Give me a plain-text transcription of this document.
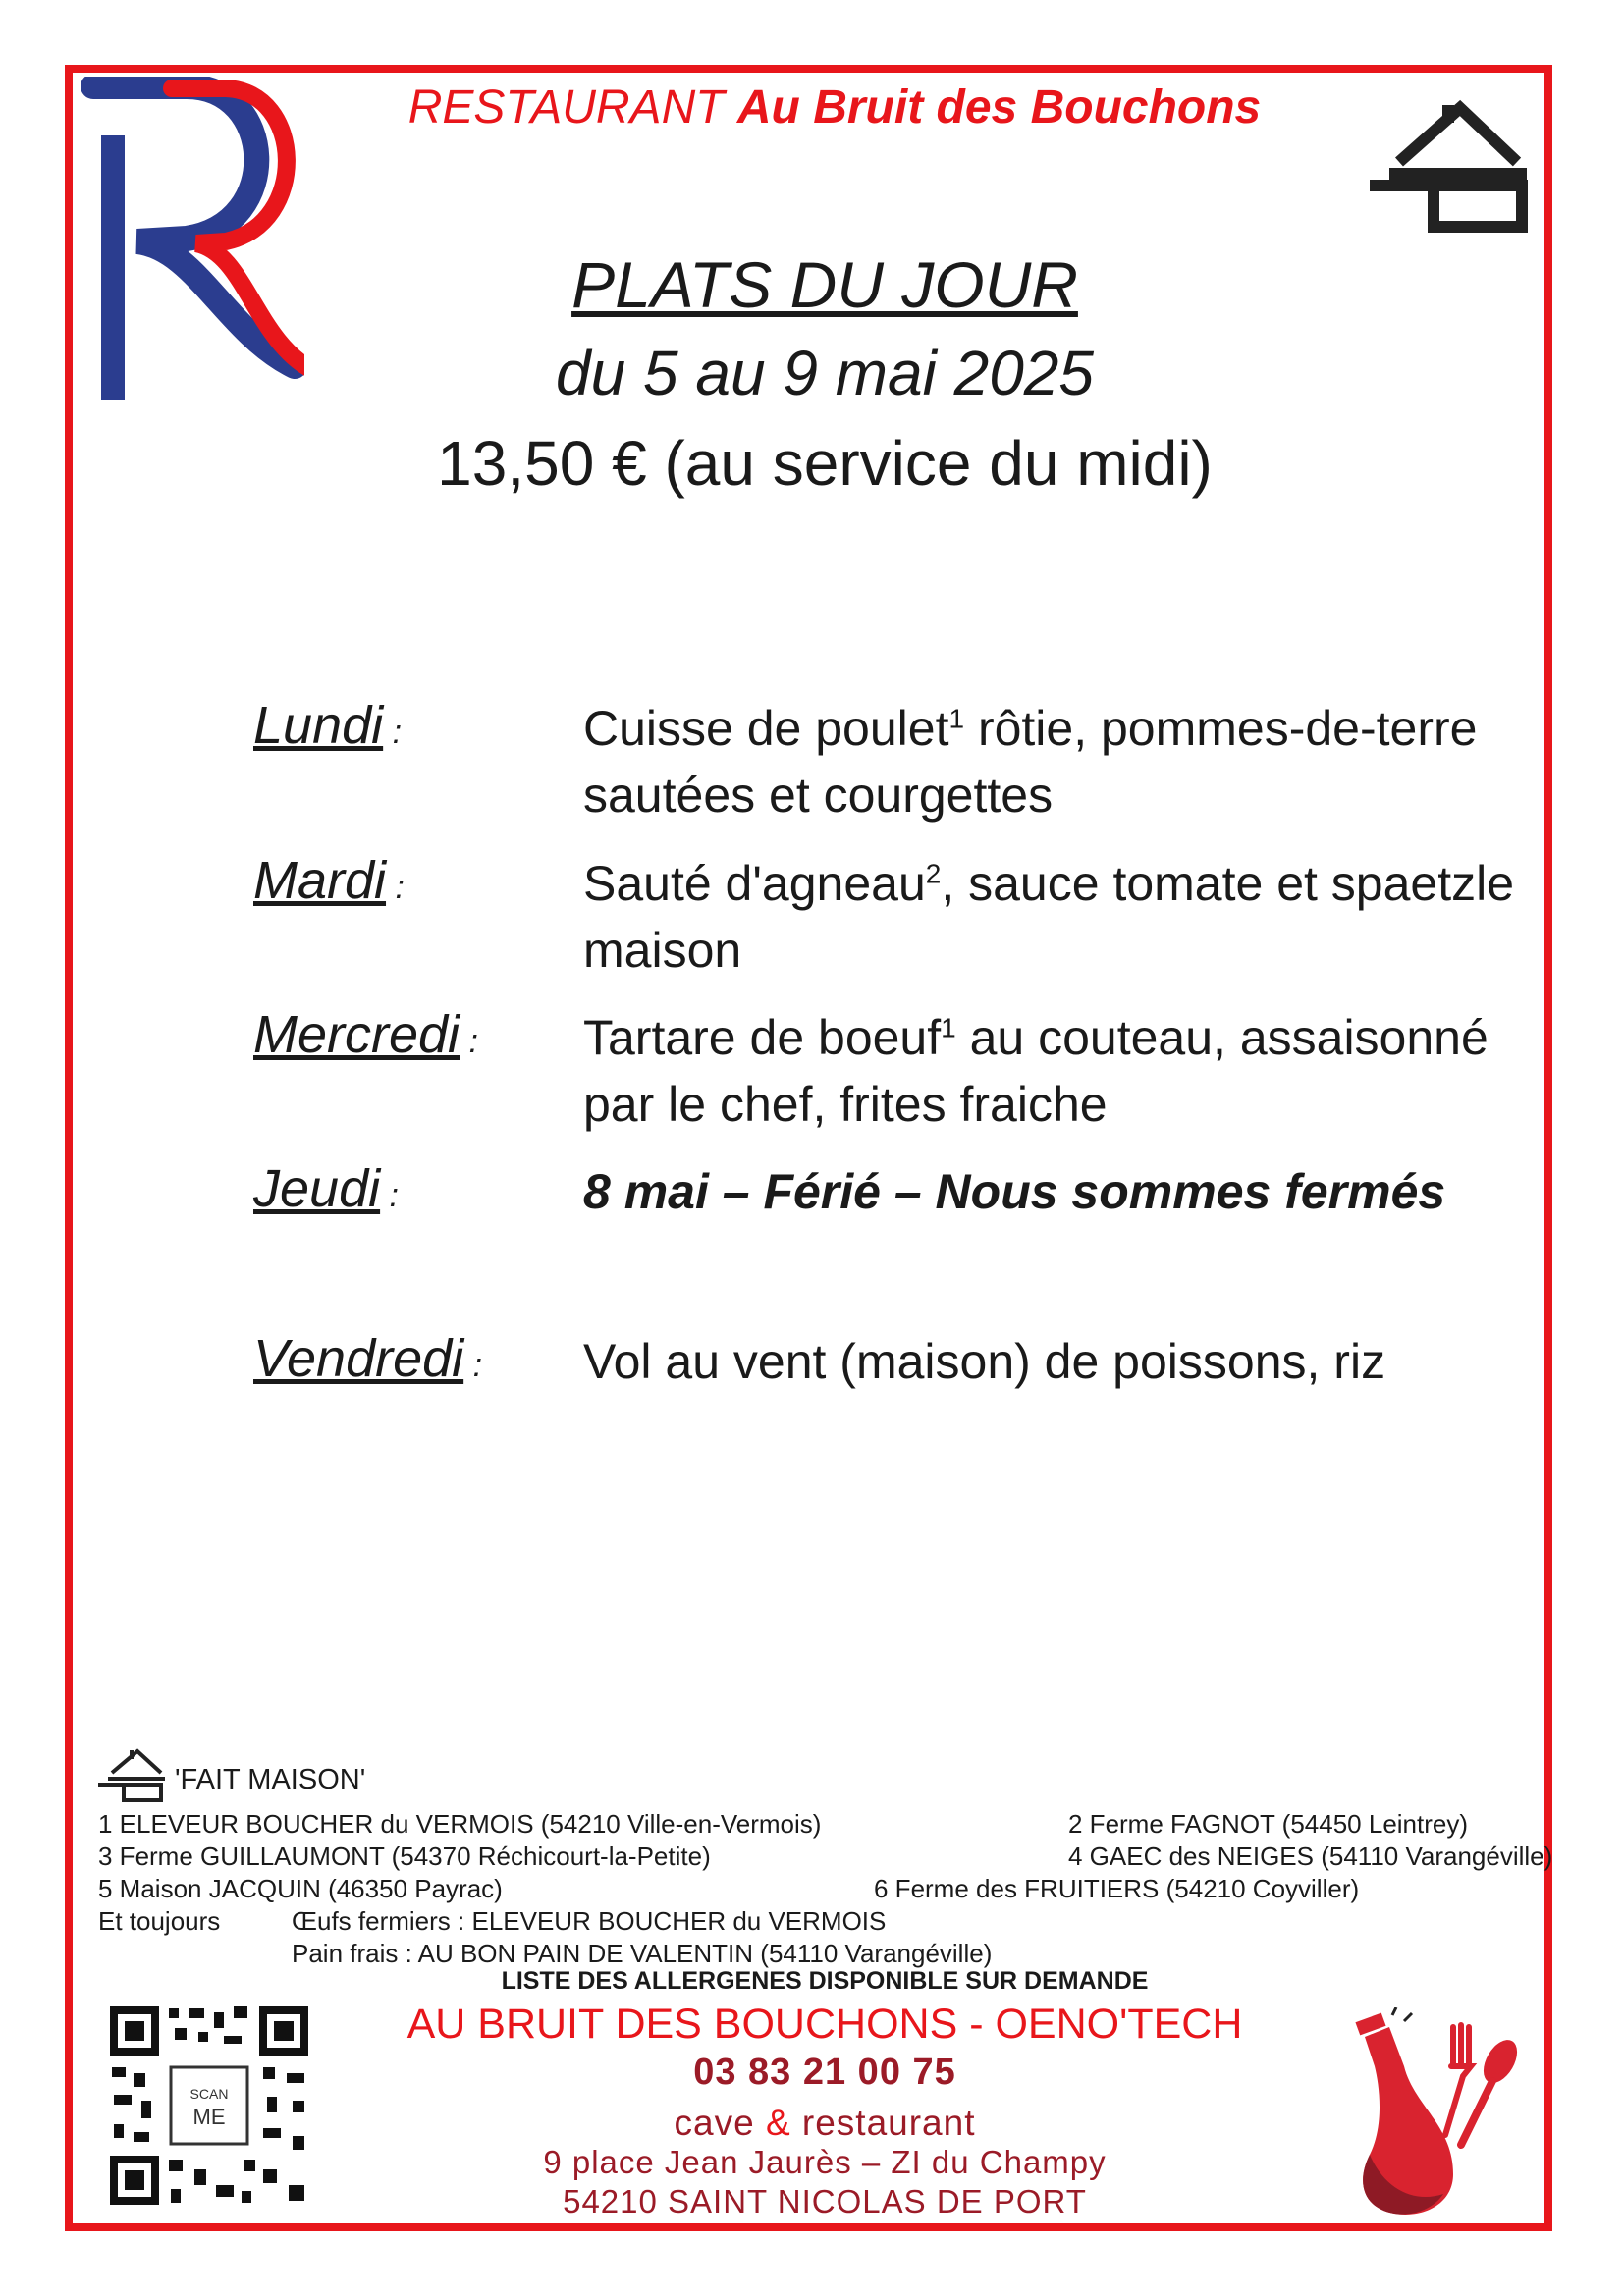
RESTAURANT Au Bruit des Bouchons
PLATS DU JOUR
du 5 au 9 mai 2025
13,50 € (au service du midi)
Lundi :	Cuisse de poulet$^1$ rôtie, pommes-de-terre sautées et courgettes
Mardi :	Sauté d'agneau$^2$, sauce tomate et spaetzle maison
Mercredi : Tartare de boeuf$^1$ au couteau, assaisonné par le chef, frites fraiche
Jeudi :	8 mai – Férié – Nous sommes fermés
Vendredi : Vol au vent (maison) de poissons, riz
'FAIT MAISON'
1 ELEVEUR BOUCHER du VERMOIS (54210 Ville-en-Vermois)	2 Ferme FAGNOT (54450 Leintrey)
3 Ferme GUILLAUMONT (54370 Réchicourt-la-Petite)	4 GAEC des NEIGES (54110 Varangéville)
5 Maison JACQUIN (46350 Payrac)	6 Ferme des FRUITIERS (54210 Coyviller)
Et toujours	Œufs fermiers : ELEVEUR BOUCHER du VERMOIS
Pain frais : AU BON PAIN DE VALENTIN (54110 Varangéville)
LISTE DES ALLERGENES DISPONIBLE SUR DEMANDE
AU BRUIT DES BOUCHONS - OENO'TECH
03 83 21 00 75
cave & restaurant
9 place Jean Jaurès – ZI du Champy
54210 SAINT NICOLAS DE PORT
SCAN
ME
